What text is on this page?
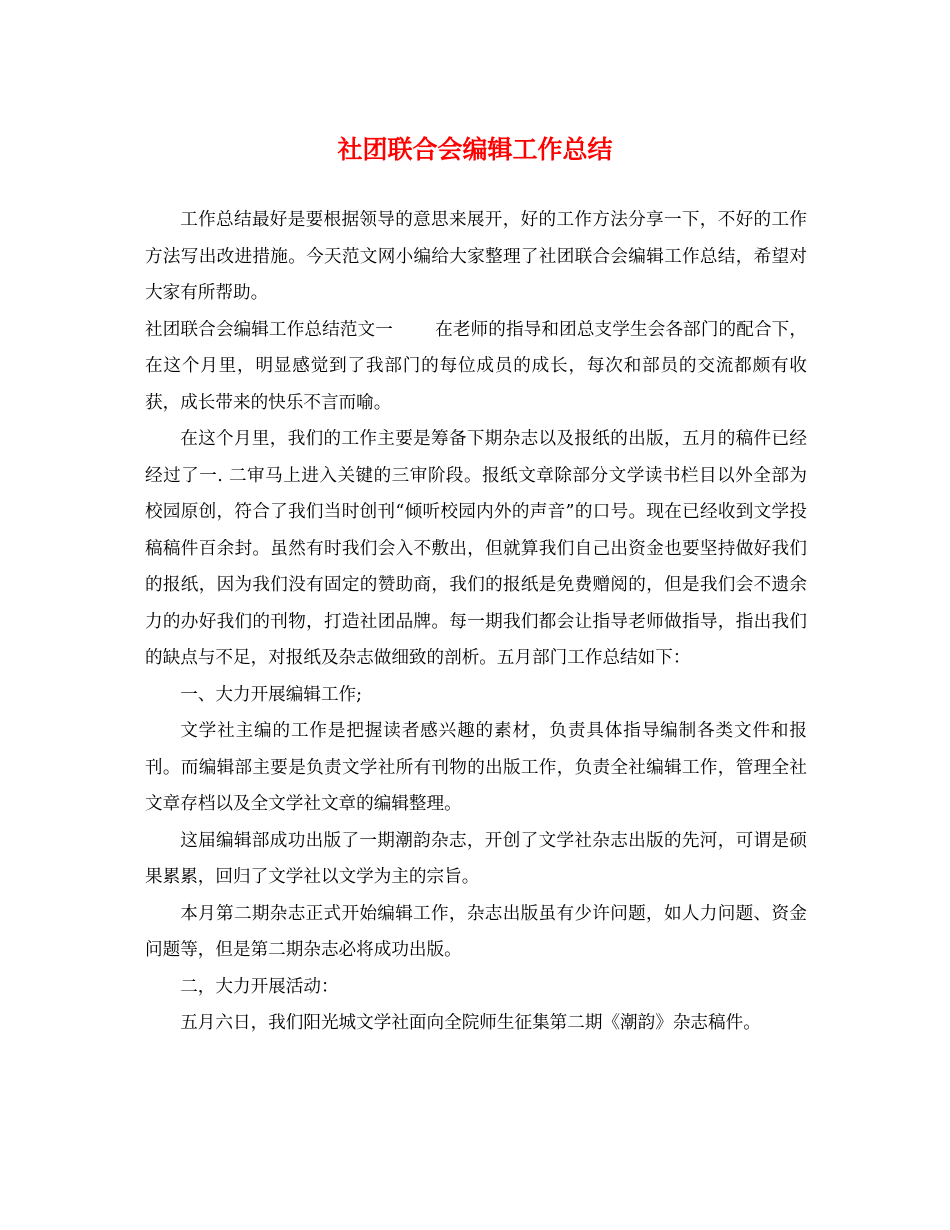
社团联合会编辑工作总结

工作总结最好是要根据领导的意思来展开，好的工作方法分享一下，不好的工作方法写出改进措施。今天范文网小编给大家整理了社团联合会编辑工作总结，希望对大家有所帮助。

社团联合会编辑工作总结范文一 在老师的指导和团总支学生会各部门的配合下，在这个月里，明显感觉到了我部门的每位成员的成长，每次和部员的交流都颇有收获，成长带来的快乐不言而喻。

在这个月里，我们的工作主要是筹备下期杂志以及报纸的出版，五月的稿件已经经过了一. 二审马上进入关键的三审阶段。报纸文章除部分文学读书栏目以外全部为校园原创，符合了我们当时创刊“倾听校园内外的声音”的口号。现在已经收到文学投稿稿件百余封。虽然有时我们会入不敷出，但就算我们自己出资金也要坚持做好我们的报纸，因为我们没有固定的赞助商，我们的报纸是免费赠阅的，但是我们会不遗余力的办好我们的刊物，打造社团品牌。每一期我们都会让指导老师做指导，指出我们的缺点与不足，对报纸及杂志做细致的剖析。五月部门工作总结如下：

一、大力开展编辑工作;

文学社主编的工作是把握读者感兴趣的素材，负责具体指导编制各类文件和报刊。而编辑部主要是负责文学社所有刊物的出版工作，负责全社编辑工作，管理全社文章存档以及全文学社文章的编辑整理。

这届编辑部成功出版了一期潮韵杂志，开创了文学社杂志出版的先河，可谓是硕果累累，回归了文学社以文学为主的宗旨。

本月第二期杂志正式开始编辑工作，杂志出版虽有少许问题，如人力问题、资金问题等，但是第二期杂志必将成功出版。

二，大力开展活动：

五月六日，我们阳光城文学社面向全院师生征集第二期《潮韵》杂志稿件。
